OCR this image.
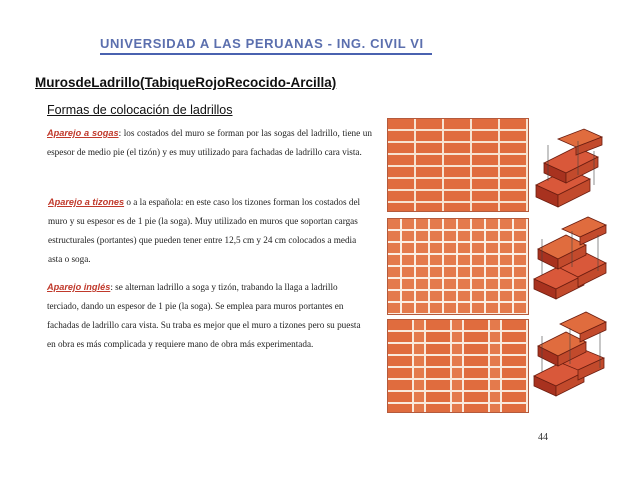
UNIVERSIDAD A LAS PERUANAS - ING. CIVIL VI
MurosdeLadrillo(TabiqueRojoRecocido-Arcilla)
Formas de colocación de ladrillos
Aparejo a sogas: los costados del muro se forman por las sogas del ladrillo, tiene un espesor de medio pie (el tizón) y es muy utilizado para fachadas de ladrillo cara vista.
Aparejo a tizones o a la española: en este caso los tizones forman los costados del muro y su espesor es de 1 pie (la soga). Muy utilizado en muros que soportan cargas estructurales (portantes) que pueden tener entre 12,5 cm y 24 cm colocados a media asta o soga.
Aparejo inglés: se alternan ladrillo a soga y tizón, trabando la llaga a ladrillo terciado, dando un espesor de 1 pie (la soga). Se emplea para muros portantes en fachadas de ladrillo cara vista. Su traba es mejor que el muro a tizones pero su puesta en obra es más complicada y requiere mano de obra más experimentada.
44
